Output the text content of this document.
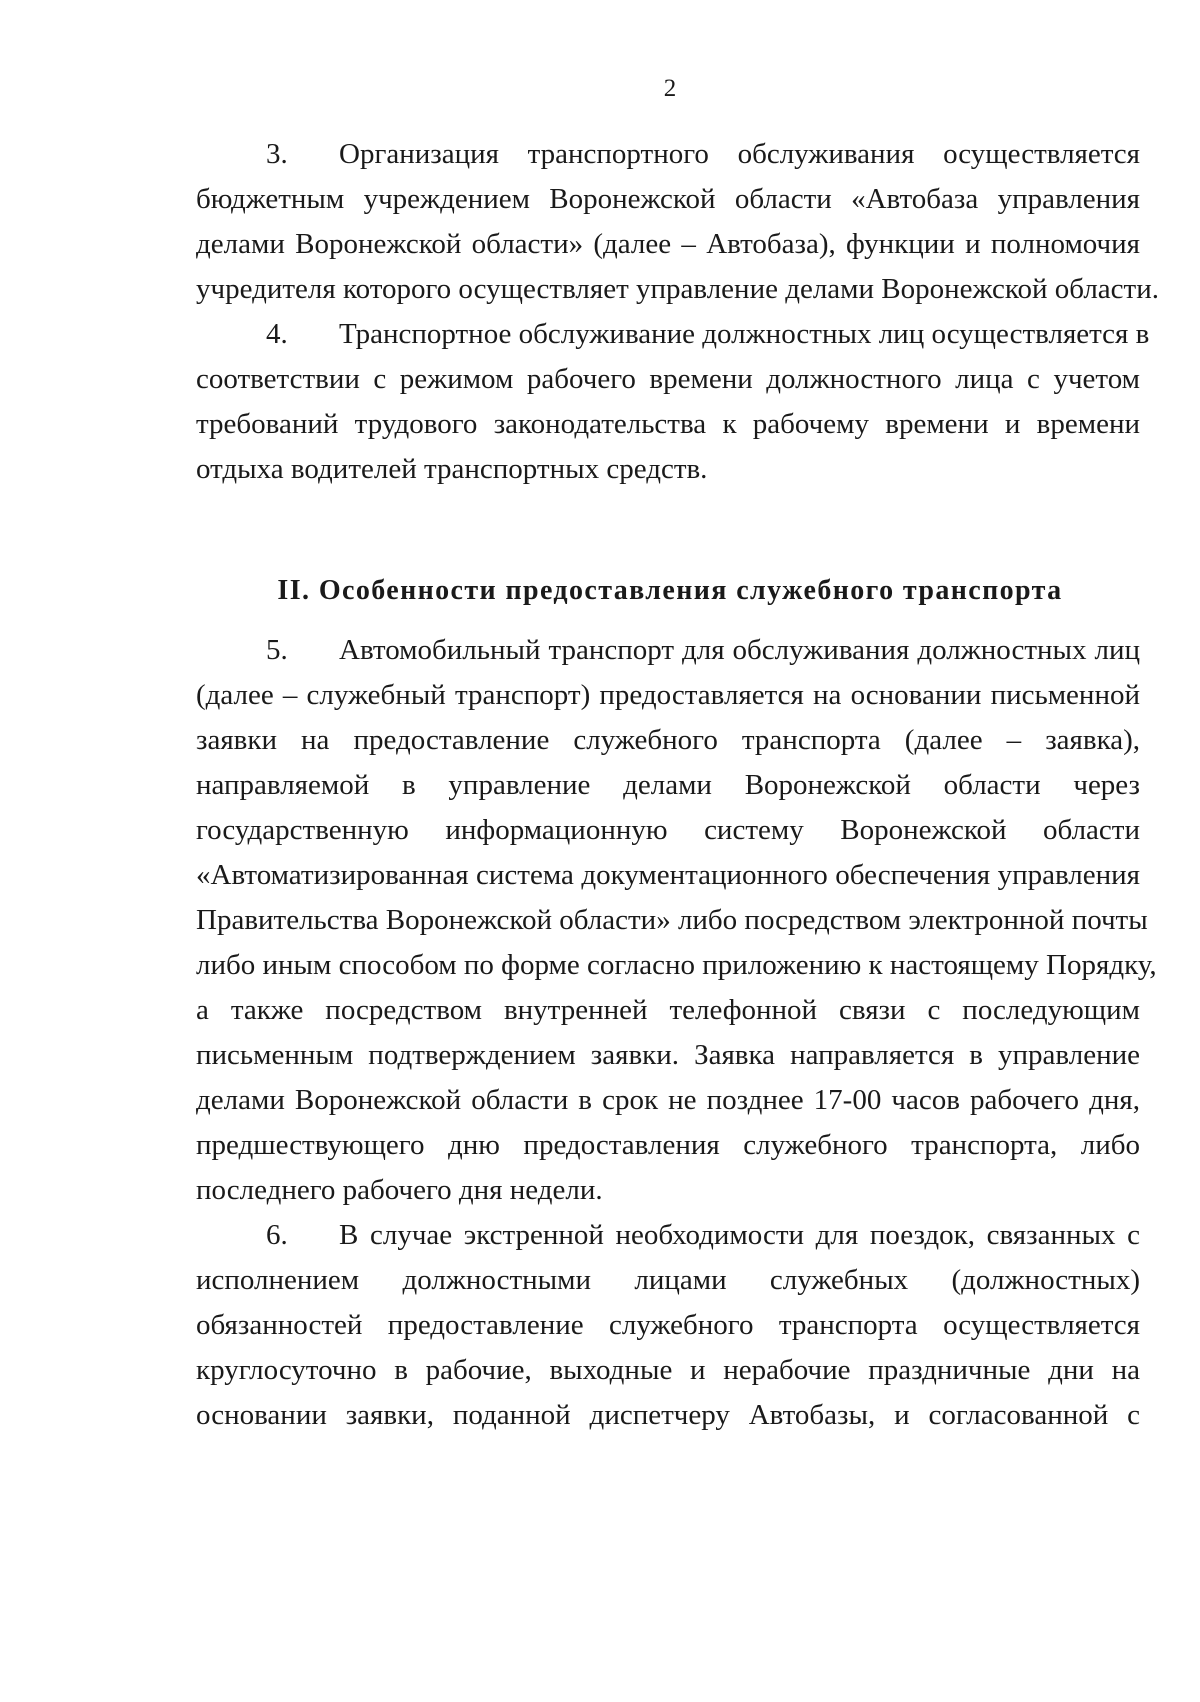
2
3. Организация транспортного обслуживания осуществляется
бюджетным учреждением Воронежской области «Автобаза управления
делами Воронежской области» (далее – Автобаза), функции и полномочия
учредителя которого осуществляет управление делами Воронежской области.
4. Транспортное обслуживание должностных лиц осуществляется в
соответствии с режимом рабочего времени должностного лица с учетом
требований трудового законодательства к рабочему времени и времени
отдыха водителей транспортных средств.
II. Особенности предоставления служебного транспорта
5. Автомобильный транспорт для обслуживания должностных лиц
(далее – служебный транспорт) предоставляется на основании письменной
заявки на предоставление служебного транспорта (далее – заявка),
направляемой в управление делами Воронежской области через
государственную информационную систему Воронежской области
«Автоматизированная система документационного обеспечения управления
Правительства Воронежской области» либо посредством электронной почты
либо иным способом по форме согласно приложению к настоящему Порядку,
а также посредством внутренней телефонной связи с последующим
письменным подтверждением заявки. Заявка направляется в управление
делами Воронежской области в срок не позднее 17-00 часов рабочего дня,
предшествующего дню предоставления служебного транспорта, либо
последнего рабочего дня недели.
6. В случае экстренной необходимости для поездок, связанных с
исполнением должностными лицами служебных (должностных)
обязанностей предоставление служебного транспорта осуществляется
круглосуточно в рабочие, выходные и нерабочие праздничные дни на
основании заявки, поданной диспетчеру Автобазы, и согласованной с
